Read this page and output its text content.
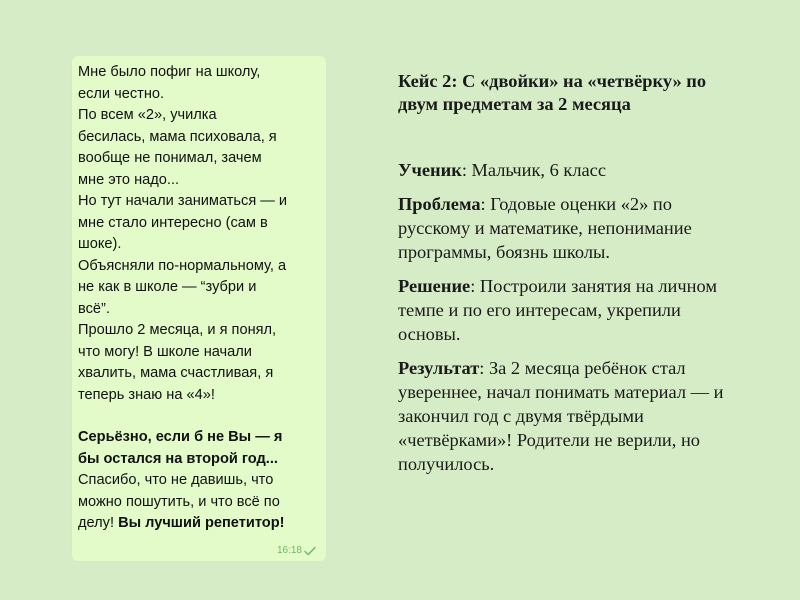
Мне было пофиг на школу,

если честно.

По всем «2», училка

бесилась, мама психовала, я

вообще не понимал, зачем

мне это надо...

Но тут начали заниматься — и

мне стало интересно (сам в

шоке).

Объясняли по-нормальному, а

не как в школе — “зубри и

всё”.

Прошло 2 месяца, и я понял,

что могу! В школе начали

хвалить, мама счастливая, я

теперь знаю на «4»!

Серьёзно, если б не Вы — я

бы остался на второй год...

Спасибо, что не давишь, что

можно пошутить, и что всё по

делу! Вы лучший репетитор!

16:18

Кейс 2: С «двойки» на «четвёрку» по двум предметам за 2 месяца

Ученик: Мальчик, 6 класс

Проблема: Годовые оценки «2» по русскому и математике, непонимание программы, боязнь школы.

Решение: Построили занятия на личном темпе и по его интересам, укрепили основы.

Результат: За 2 месяца ребёнок стал увереннее, начал понимать материал — и закончил год с двумя твёрдыми «четвёрками»! Родители не верили, но получилось.
